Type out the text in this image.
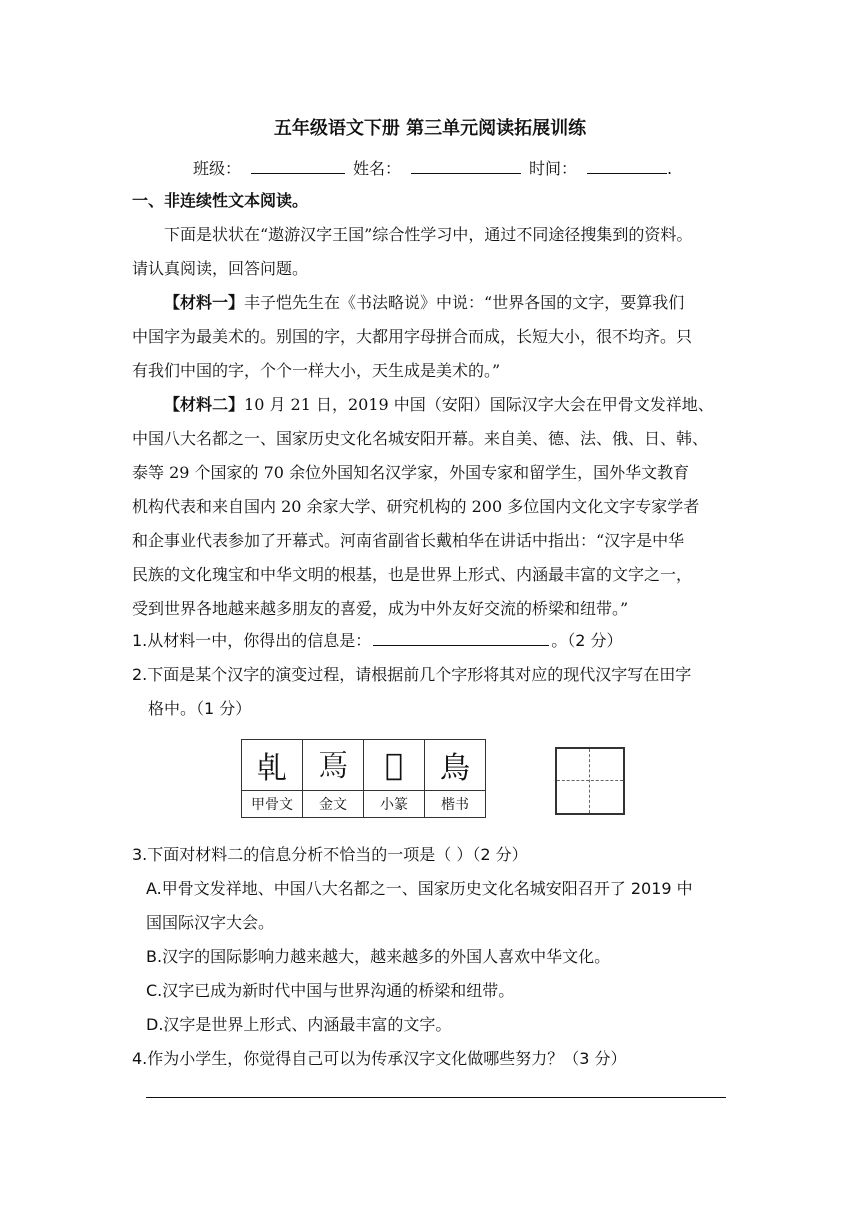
五年级语文下册 第三单元阅读拓展训练
班级：	姓名：	时间：	.
一、非连续性文本阅读。
下面是状状在“遨游汉字王国”综合性学习中，通过不同途径搜集到的资料。
请认真阅读，回答问题。
【材料一】丰子恺先生在《书法略说》中说：“世界各国的文字，要算我们
中国字为最美术的。别国的字，大都用字母拼合而成，长短大小，很不均齐。只
有我们中国的字，个个一样大小，天生成是美术的。”
【材料二】10 月 21 日，2019 中国（安阳）国际汉字大会在甲骨文发祥地、
中国八大名都之一、国家历史文化名城安阳开幕。来自美、德、法、俄、日、韩、
泰等 29 个国家的 70 余位外国知名汉学家，外国专家和留学生，国外华文教育
机构代表和来自国内 20 余家大学、研究机构的 200 多位国内文化文字专家学者
和企事业代表参加了开幕式。河南省副省长戴柏华在讲话中指出：“汉字是中华
民族的文化瑰宝和中华文明的根基，也是世界上形式、内涵最丰富的文字之一，
受到世界各地越来越多朋友的喜爱，成为中外友好交流的桥梁和纽带。”
1.从材料一中，你得出的信息是：	。（2 分）
2.下面是某个汉字的演变过程，请根据前几个字形将其对应的现代汉字写在田字
格中。（1 分）
𠃵	𩾏	𩾐	鳥
甲骨文	金文	小篆	楷书
3.下面对材料二的信息分析不恰当的一项是（ ）（2 分）
A.甲骨文发祥地、中国八大名都之一、国家历史文化名城安阳召开了 2019 中
国国际汉字大会。
B.汉字的国际影响力越来越大，越来越多的外国人喜欢中华文化。
C.汉字已成为新时代中国与世界沟通的桥梁和纽带。
D.汉字是世界上形式、内涵最丰富的文字。
4.作为小学生，你觉得自己可以为传承汉字文化做哪些努力？（3 分）
